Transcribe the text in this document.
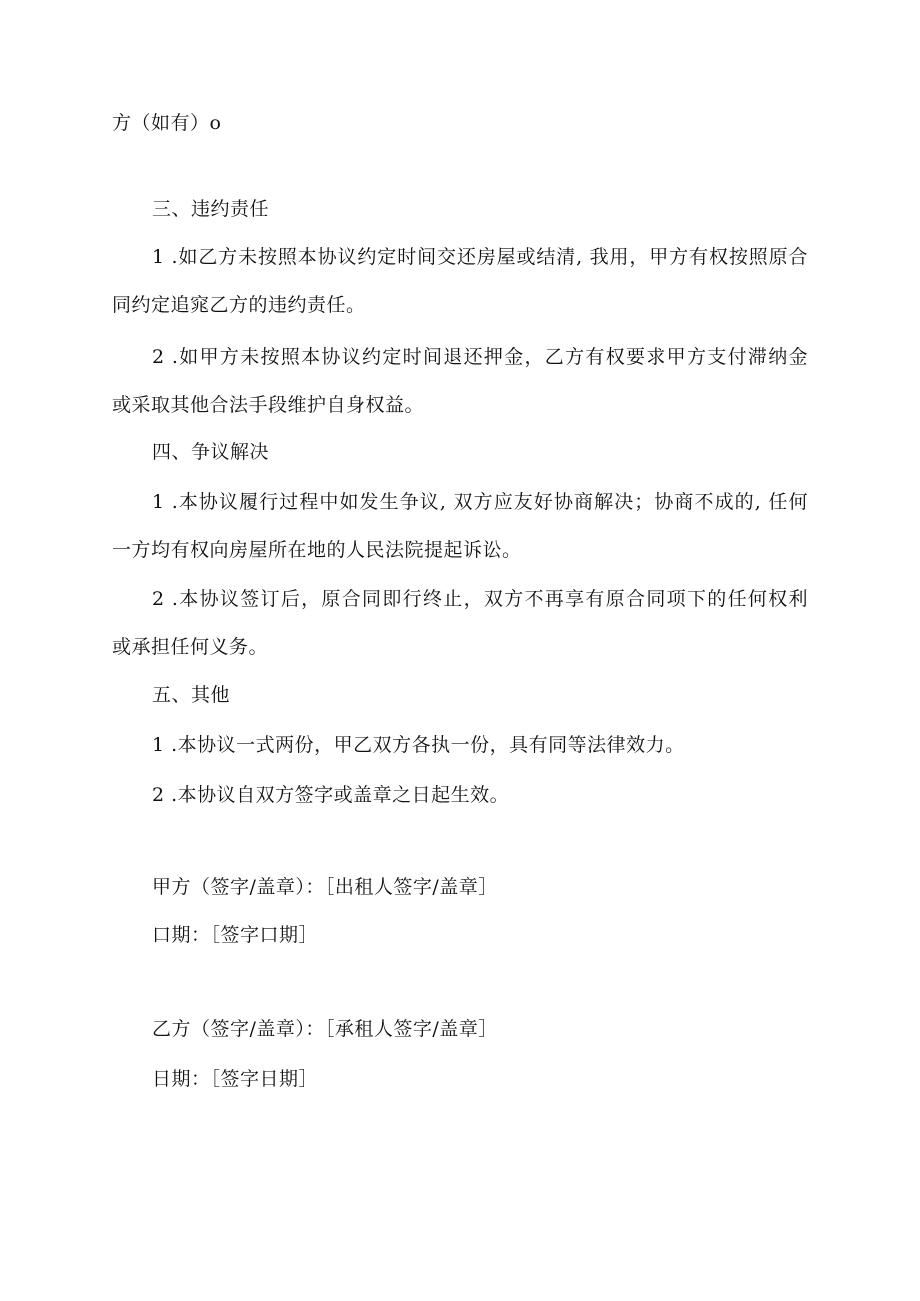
方（如有）o
三、违约责任
1 .如乙方未按照本协议约定时间交还房屋或结清, 我用，甲方有权按照原合
同约定追窕乙方的违约责任。
2 .如甲方未按照本协议约定时间退还押金，乙方有权要求甲方支付滞纳金
或采取其他合法手段维护自身权益。
四、争议解决
1 .本协议履行过程中如发生争议, 双方应友好协商解决；协商不成的, 任何
一方均有权向房屋所在地的人民法院提起诉讼。
2 .本协议签订后，原合同即行终止，双方不再享有原合同项下的任何权利
或承担任何义务。
五、其他
1 .本协议一式两份，甲乙双方各执一份，具有同等法律效力。
2 .本协议自双方签字或盖章之日起生效。
甲方（签字/盖章）：［出租人签字/盖章］
口期：［签字口期］
乙方（签字/盖章）：［承租人签字/盖章］
日期：［签字日期］
